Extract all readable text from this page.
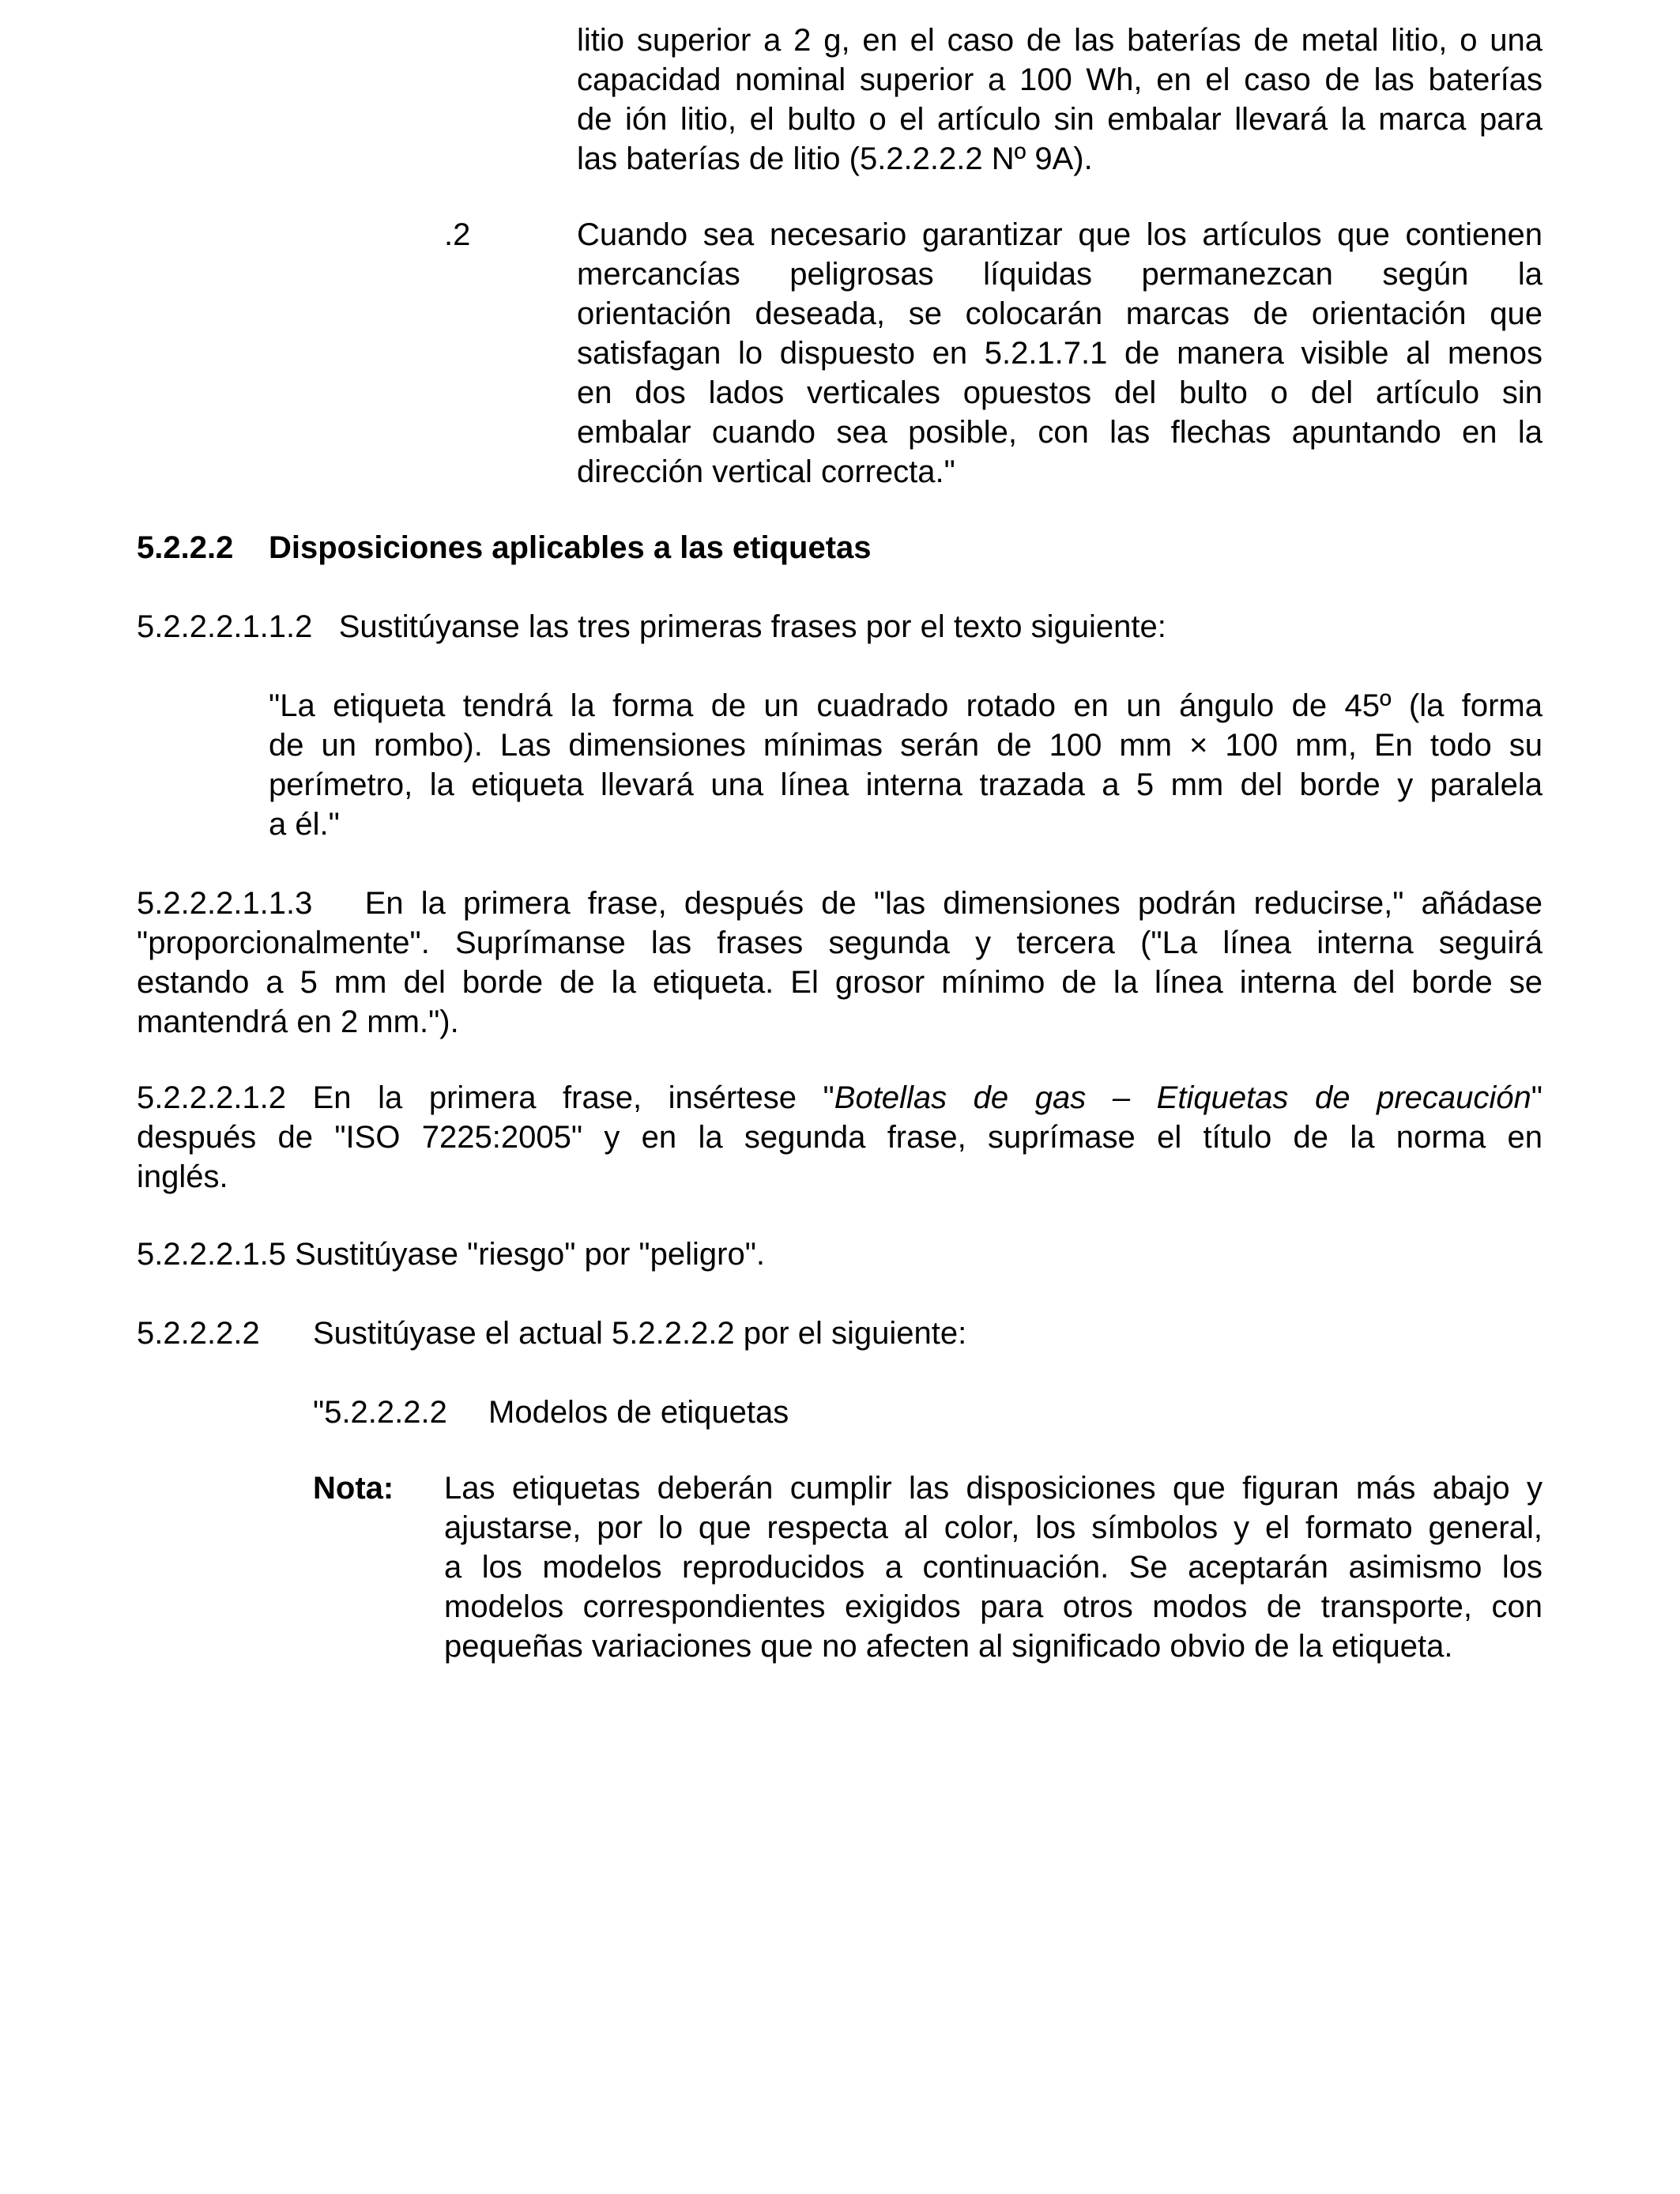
litio superior a 2 g, en el caso de las baterías de metal litio, o una

capacidad nominal superior a 100 Wh, en el caso de las baterías

de ión litio, el bulto o el artículo sin embalar llevará la marca para

las baterías de litio (5.2.2.2.2 Nº 9A).

.2	Cuando sea necesario garantizar que los artículos que contienen

mercancías peligrosas líquidas permanezcan según la

orientación deseada, se colocarán marcas de orientación que

satisfagan lo dispuesto en 5.2.1.7.1 de manera visible al menos

en dos lados verticales opuestos del bulto o del artículo sin

embalar cuando sea posible, con las flechas apuntando en la

dirección vertical correcta."

5.2.2.2 Disposiciones aplicables a las etiquetas
5.2.2.2.1.1.2   Sustitúyanse las tres primeras frases por el texto siguiente:

"La etiqueta tendrá la forma de un cuadrado rotado en un ángulo de 45º (la forma

de un rombo). Las dimensiones mínimas serán de 100 mm × 100 mm, En todo su

perímetro, la etiqueta llevará una línea interna trazada a 5 mm del borde y paralela

a él."

5.2.2.2.1.1.3   En la primera frase, después de "las dimensiones podrán reducirse," añádase

"proporcionalmente". Suprímanse las frases segunda y tercera ("La línea interna seguirá

estando a 5 mm del borde de la etiqueta. El grosor mínimo de la línea interna del borde se

mantendrá en 2 mm.").

5.2.2.2.1.2 En la primera frase, insértese "Botellas de gas – Etiquetas de precaución"

después de "ISO 7225:2005" y en la segunda frase, suprímase el título de la norma en

inglés.

5.2.2.2.1.5 Sustitúyase "riesgo" por "peligro".
5.2.2.2.2 Sustitúyase el actual 5.2.2.2.2 por el siguiente:
"5.2.2.2.2 Modelos de etiquetas
Nota: Las etiquetas deberán cumplir las disposiciones que figuran más abajo y

ajustarse, por lo que respecta al color, los símbolos y el formato general,

a los modelos reproducidos a continuación. Se aceptarán asimismo los

modelos correspondientes exigidos para otros modos de transporte, con

pequeñas variaciones que no afecten al significado obvio de la etiqueta.
